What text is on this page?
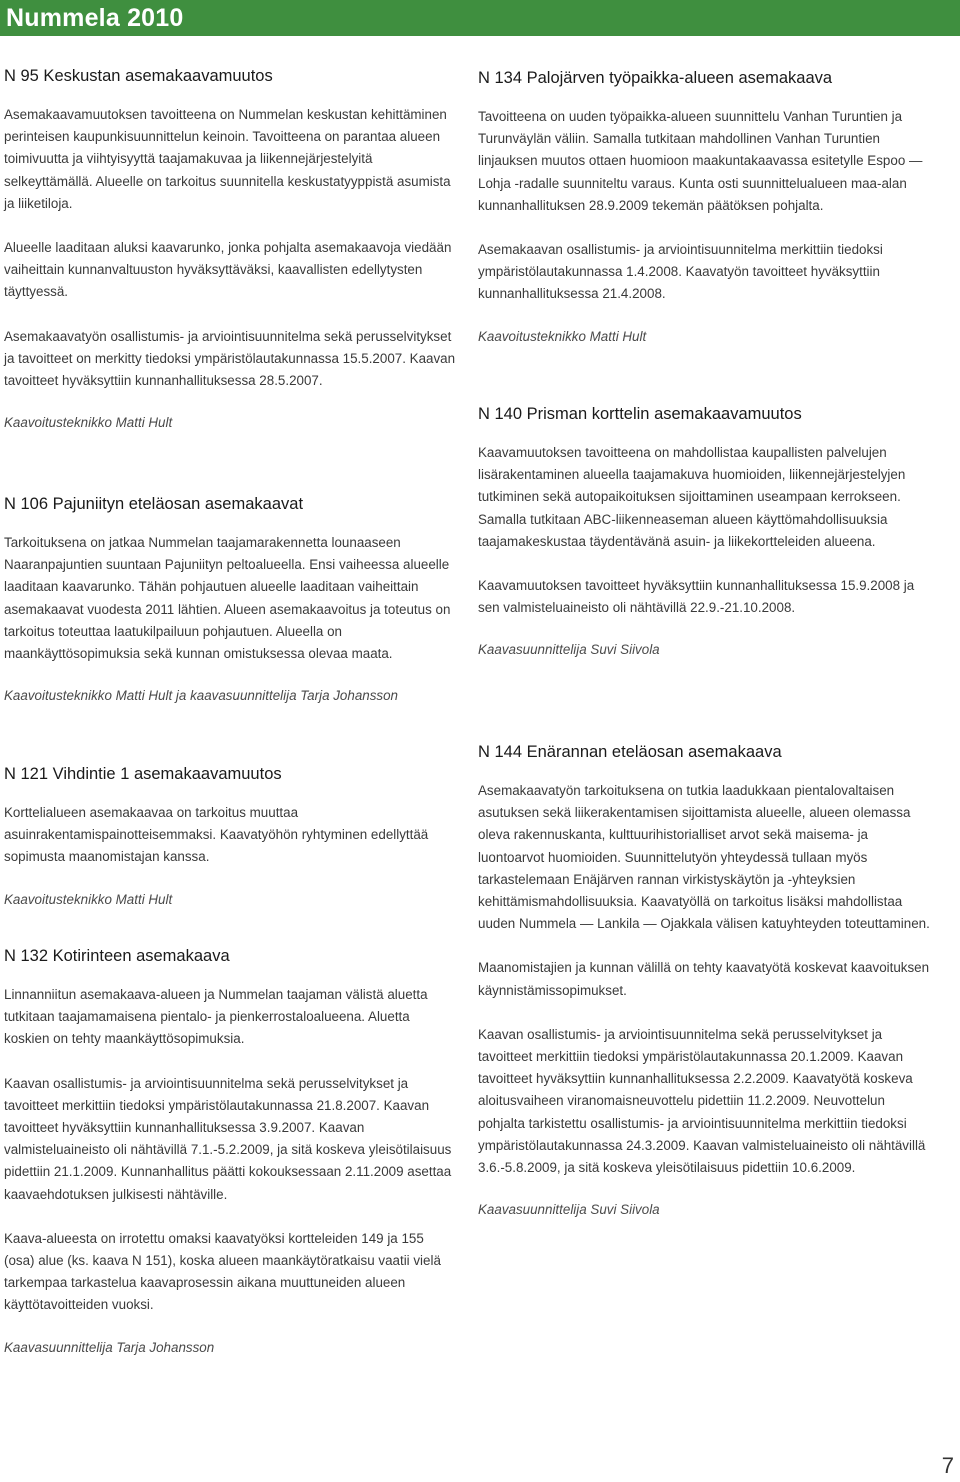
Nummela 2010
N 95 Keskustan asemakaavamuutos

Asemakaavamuutoksen tavoitteena on Nummelan keskustan kehittäminen perinteisen kaupunkisuunnittelun keinoin. Tavoitteena on parantaa alueen toimivuutta ja viihtyisyyttä taajamakuvaa ja liikennejärjestelyitä selkeyttämällä. Alueelle on tarkoitus suunnitella keskustatyyppistä asumista ja liiketiloja.

Alueelle laaditaan aluksi kaavarunko, jonka pohjalta asemakaavoja viedään vaiheittain kunnanvaltuuston hyväksyttäväksi, kaavallisten edellytysten täyttyessä.

Asemakaavatyön osallistumis- ja arviointisuunnitelma sekä perusselvitykset ja tavoitteet on merkitty tiedoksi ympäristölautakunnassa 15.5.2007. Kaavan tavoitteet hyväksyttiin kunnanhallituksessa 28.5.2007.

Kaavoitusteknikko Matti Hult

N 106 Pajuniityn eteläosan asemakaavat

Tarkoituksena on jatkaa Nummelan taajamarakennetta lounaaseen Naaranpajuntien suuntaan Pajuniityn peltoalueella. Ensi vaiheessa alueelle laaditaan kaavarunko. Tähän pohjautuen alueelle laaditaan vaiheittain asemakaavat vuodesta 2011 lähtien. Alueen asemakaavoitus ja toteutus on tarkoitus toteuttaa laatukilpailuun pohjautuen. Alueella on maankäyttösopimuksia sekä kunnan omistuksessa olevaa maata.

Kaavoitusteknikko Matti Hult ja kaavasuunnittelija Tarja Johansson

N 121 Vihdintie 1 asemakaavamuutos

Korttelialueen asemakaavaa on tarkoitus muuttaa asuinrakentamispainotteisemmaksi. Kaavatyöhön ryhtyminen edellyttää sopimusta maanomistajan kanssa.

Kaavoitusteknikko Matti Hult

N 132 Kotirinteen asemakaava

Linnanniitun asemakaava-alueen ja Nummelan taajaman välistä aluetta tutkitaan taajamamaisena pientalo- ja pienkerrostaloalueena. Aluetta koskien on tehty maankäyttösopimuksia.

Kaavan osallistumis- ja arviointisuunnitelma sekä perusselvitykset ja tavoitteet merkittiin tiedoksi ympäristölautakunnassa 21.8.2007. Kaavan tavoitteet hyväksyttiin kunnanhallituksessa 3.9.2007. Kaavan valmisteluaineisto oli nähtävillä 7.1.-5.2.2009, ja sitä koskeva yleisötilaisuus pidettiin 21.1.2009. Kunnanhallitus päätti kokouksessaan 2.11.2009 asettaa kaavaehdotuksen julkisesti nähtäville.

Kaava-alueesta on irrotettu omaksi kaavatyöksi kortteleiden 149 ja 155 (osa) alue (ks. kaava N 151), koska alueen maankäytöratkaisu vaatii vielä tarkempaa tarkastelua kaavaprosessin aikana muuttuneiden alueen käyttötavoitteiden vuoksi.

Kaavasuunnittelija Tarja Johansson

N 134 Palojärven työpaikka-alueen asemakaava

Tavoitteena on uuden työpaikka-alueen suunnittelu Vanhan Turuntien ja Turunväylän väliin. Samalla tutkitaan mahdollinen Vanhan Turuntien linjauksen muutos ottaen huomioon maakuntakaavassa esitetylle Espoo — Lohja -radalle suunniteltu varaus. Kunta osti suunnittelualueen maa-alan kunnanhallituksen 28.9.2009 tekemän päätöksen pohjalta.

Asemakaavan osallistumis- ja arviointisuunnitelma merkittiin tiedoksi ympäristölautakunnassa 1.4.2008. Kaavatyön tavoitteet hyväksyttiin kunnanhallituksessa 21.4.2008.

Kaavoitusteknikko Matti Hult

N 140 Prisman korttelin asemakaavamuutos

Kaavamuutoksen tavoitteena on mahdollistaa kaupallisten palvelujen lisärakentaminen alueella taajamakuva huomioiden, liikennejärjestelyjen tutkiminen sekä autopaikoituksen sijoittaminen useampaan kerrokseen. Samalla tutkitaan ABC-liikenneaseman alueen käyttömahdollisuuksia taajamakeskustaa täydentävänä asuin- ja liikekortteleiden alueena.

Kaavamuutoksen tavoitteet hyväksyttiin kunnanhallituksessa 15.9.2008 ja sen valmisteluaineisto oli nähtävillä 22.9.-21.10.2008.

Kaavasuunnittelija Suvi Siivola

N 144 Enärannan eteläosan asemakaava

Asemakaavatyön tarkoituksena on tutkia laadukkaan pientalovaltaisen asutuksen sekä liikerakentamisen sijoittamista alueelle, alueen olemassa oleva rakennuskanta, kulttuurihistorialliset arvot sekä maisema- ja luontoarvot huomioiden. Suunnittelutyön yhteydessä tullaan myös tarkastelemaan Enäjärven rannan virkistyskäytön ja -yhteyksien kehittämismahdollisuuksia. Kaavatyöllä on tarkoitus lisäksi mahdollistaa uuden Nummela — Lankila — Ojakkala välisen katuyhteyden toteuttaminen.

Maanomistajien ja kunnan välillä on tehty kaavatyötä koskevat kaavoituksen käynnistämissopimukset.

Kaavan osallistumis- ja arviointisuunnitelma sekä perusselvitykset ja tavoitteet merkittiin tiedoksi ympäristölautakunnassa 20.1.2009. Kaavan tavoitteet hyväksyttiin kunnanhallituksessa 2.2.2009. Kaavatyötä koskeva aloitusvaiheen viranomaisneuvottelu pidettiin 11.2.2009. Neuvottelun pohjalta tarkistettu osallistumis- ja arviointisuunnitelma merkittiin tiedoksi ympäristölautakunnassa 24.3.2009. Kaavan valmisteluaineisto oli nähtävillä 3.6.-5.8.2009, ja sitä koskeva yleisötilaisuus pidettiin 10.6.2009.

Kaavasuunnittelija Suvi Siivola

7
